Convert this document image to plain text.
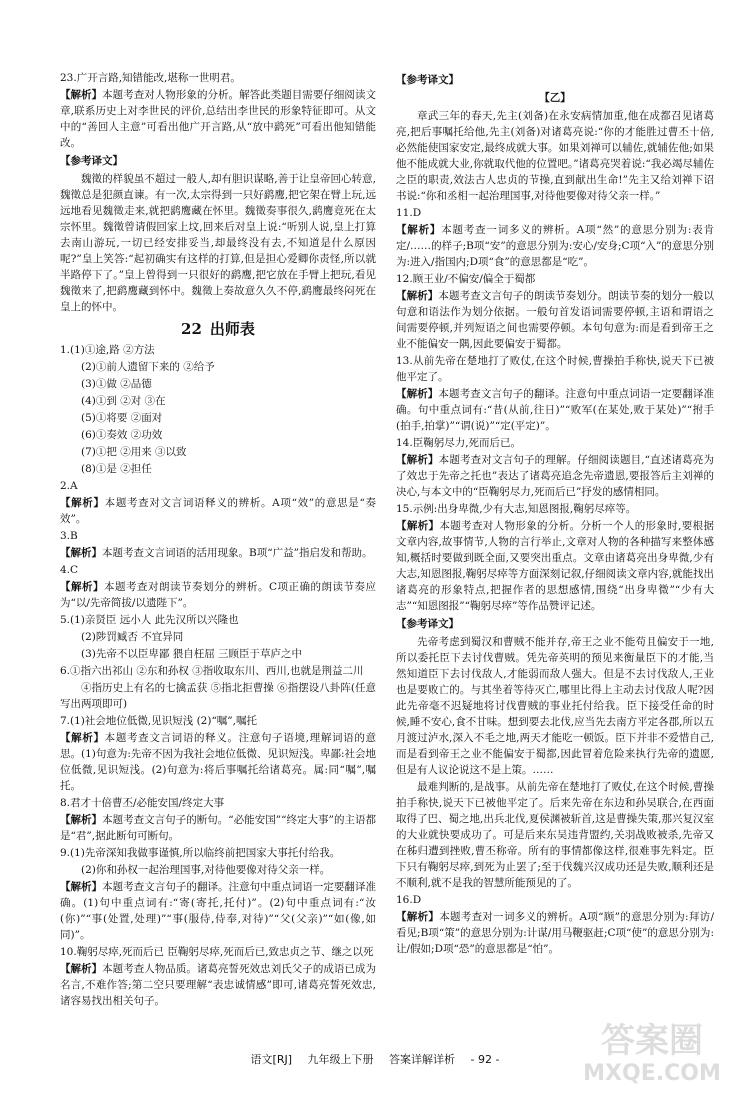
23.广开言路,知错能改,堪称一世明君。

【解析】本题考查对人物形象的分析。解答此类题目需要仔细阅读文章,联系历史上对李世民的评价,总结出李世民的形象特征即可。从文中的“善回人主意”可看出他广开言路,从“放中鹞死”可看出他知错能改。

【参考译文】

魏徵的样貌虽不超过一般人,却有胆识谋略,善于让皇帝回心转意,魏徵总是犯颜直谏。有一次,太宗得到一只好鹞鹰,把它架在臂上玩,远远地看见魏徵走来,就把鹞鹰藏在怀里。魏徵奏事很久,鹞鹰竟死在太宗怀里。魏徵曾请假回家上坟,回来后对皇上说:“听别人说,皇上打算去南山游玩,一切已经安排妥当,却最终没有去,不知道是什么原因呢?”皇上笑答:“起初确实有这样的打算,但是担心爱卿你责怪,所以就半路停下了。”皇上曾得到一只很好的鹞鹰,把它放在手臂上把玩,看见魏徵来了,把鹞鹰藏到怀中。魏徵上奏故意久久不停,鹞鹰最终闷死在皇上的怀中。

22 出师表

1.(1)①途,路 ②方法

(2)①前人遗留下来的 ②给予

(3)①做 ②品德

(4)①到 ②对 ③在

(5)①将要 ②面对

(6)①奏效 ②功效

(7)①把 ②用来 ③以致

(8)①是 ②担任

2.A

【解析】本题考查对文言词语释义的辨析。A项“效”的意思是“奏效”。

3.B

【解析】本题考查文言词语的活用现象。B项“广益”指启发和帮助。

4.C

【解析】本题考查对朗读节奏划分的辨析。C项正确的朗读节奏应为“以/先帝简拔/以遗陛下”。

5.(1)亲贤臣 远小人 此先汉所以兴隆也

(2)陟罚臧否 不宜异同

(3)先帝不以臣卑鄙 猥自枉屈 三顾臣于草庐之中

6.①指六出祁山 ②东和孙权 ③指收取东川、西川,也就是荆益二川

④指历史上有名的七擒孟获 ⑤指北拒曹操 ⑥指摆设八卦阵(任意写出两项即可)

7.(1)社会地位低微,见识短浅 (2)“嘱”,嘱托

【解析】本题考查文言词语的释义。注意句子语境,理解词语的意思。(1)句意为:先帝不因为我社会地位低微、见识短浅。卑鄙:社会地位低微,见识短浅。(2)句意为:将后事嘱托给诸葛亮。属:同“嘱”,嘱托。

8.君才十倍曹丕/必能安国/终定大事

【解析】本题考查文言句子的断句。“必能安国”“终定大事”的主语都是“君”,据此断句可断句。

9.(1)先帝深知我做事谨慎,所以临终前把国家大事托付给我。

(2)你和孙权一起治理国事,对待他要像对待父亲一样。

【解析】本题考查文言句子的翻译。注意句中重点词语一定要翻译准确。(1)句中重点词有:“寄(寄托,托付)”。(2)句中重点词有:“汝(你)”“事(处置,处理)”“事(服侍,侍奉,对待)”“父(父亲)”“如(像,如同)”。

10.鞠躬尽瘁,死而后已 臣鞠躬尽瘁,死而后已,致忠贞之节、继之以死

【解析】本题考查人物品质。诸葛亮誓死效忠刘氏父子的成语已成为名言,不难作答;第二空只要理解“表忠诚情感”即可,诸葛亮誓死效忠,诸容易找出相关句子。

【参考译文】

【乙】

章武三年的春天,先主(刘备)在永安病情加重,他在成都召见诸葛亮,把后事嘱托给他,先主(刘备)对诸葛亮说:“你的才能胜过曹丕十倍,必然能使国家安定,最终成就大事。如果刘禅可以辅佐,就辅佐他;如果他不能成就大业,你就取代他的位置吧。”诸葛亮哭着说:“我必竭尽辅佐之臣的职责,效法古人忠贞的节操,直到献出生命!”先主又给刘禅下诏书说:“你和丞相一起治理国事,对待他要像对待父亲一样。”

11.D

【解析】本题考查一词多义的辨析。A项“然”的意思分别为:表肯定/……的样子;B项“安”的意思分别为:安心/安身;C项“入”的意思分别为:进入/指国内;D项“食”的意思都是“吃”。

12.顾王业/不偏安/偏全于蜀都

【解析】本题考查文言句子的朗读节奏划分。朗读节奏的划分一般以句意和语法作为划分依据。一般句首发语词需要停顿,主语和谓语之间需要停顿,并列短语之间也需要停顿。本句句意为:而是看到帝王之业不能偏安一隅,因此要偏安于蜀都。

13.从前先帝在楚地打了败仗,在这个时候,曹操拍手称快,说天下已被他平定了。

【解析】本题考查文言句子的翻译。注意句中重点词语一定要翻译准确。句中重点词有:“昔(从前,往日)”“败军(在某处,败于某处)”“拊手(拍手,拍掌)”“谓(说)”“定(平定)”。

14.臣鞠躬尽力,死而后已。

【解析】本题考查对文言句子的理解。仔细阅读题目,“直述诸葛亮为了效忠于先帝之托也”表达了诸葛亮追念先帝遗恩,要报答后主刘禅的决心,与本文中的“臣鞠躬尽力,死而后已”抒发的感情相同。

15.示例:出身卑微,少有大志,知恩图报,鞠躬尽瘁等。

【解析】本题考查对人物形象的分析。分析一个人的形象时,要根据文章内容,故事情节,人物的言行举止,文章对人物的各种描写来整体感知,概括时要做到既全面,又要突出重点。文章由诸葛亮出身卑微,少有大志,知恩图报,鞠躬尽瘁等方面深刻记叙,仔细阅读文章内容,就能找出诸葛亮的形象特点,把握作者的思想感情,围绕“出身卑微”“少有大志”“知恩图报”“鞠躬尽瘁”等作品赞评记述。

【参考译文】

先帝考虑到蜀汉和曹贼不能并存,帝王之业不能苟且偏安于一地,所以委托臣下去讨伐曹贼。凭先帝英明的预见来衡量臣下的才能,当然知道臣下去讨伐敌人,才能弱而敌人强大。但是不去讨伐敌人,王业也是要败亡的。与其坐着等待灭亡,哪里比得上主动去讨伐敌人呢?因此先帝毫不迟疑地将讨伐曹贼的事业托付给我。臣下接受任命的时候,睡不安心,食不甘味。想到要去北伐,应当先去南方平定各郡,所以五月渡过泸水,深入不毛之地,两天才能吃一顿饭。臣下并非不爱惜自己,而是看到帝王之业不能偏安于蜀都,因此冒着危险来执行先帝的遗愿,但是有人议论说这不是上策。……

最难判断的,是战事。从前先帝在楚地打了败仗,在这个时候,曹操拍手称快,说天下已被他平定了。后来先帝在东边和孙吴联合,在西面取得了巴、蜀之地,出兵北伐,夏侯渊被斩首,这是曹操失策,那兴复汉室的大业就快要成功了。可是后来东吴违背盟约,关羽战败被杀,先帝又在秭归遭到挫败,曹丕称帝。所有的事情都像这样,很难事先料定。臣下只有鞠躬尽瘁,到死为止罢了;至于伐魏兴汉成功还是失败,顺利还是不顺利,就不是我的智慧所能预见的了。

16.D

【解析】本题考查对一词多义的辨析。A项“顾”的意思分别为:拜访/看见;B项“策”的意思分别为:计谋/用马鞭驱赶;C项“使”的意思分别为:让/假如;D项“恐”的意思都是“怕”。

语文[RJ] 九年级上下册 答案详解详析 - 92 -	答案圈
MXQE.COM
